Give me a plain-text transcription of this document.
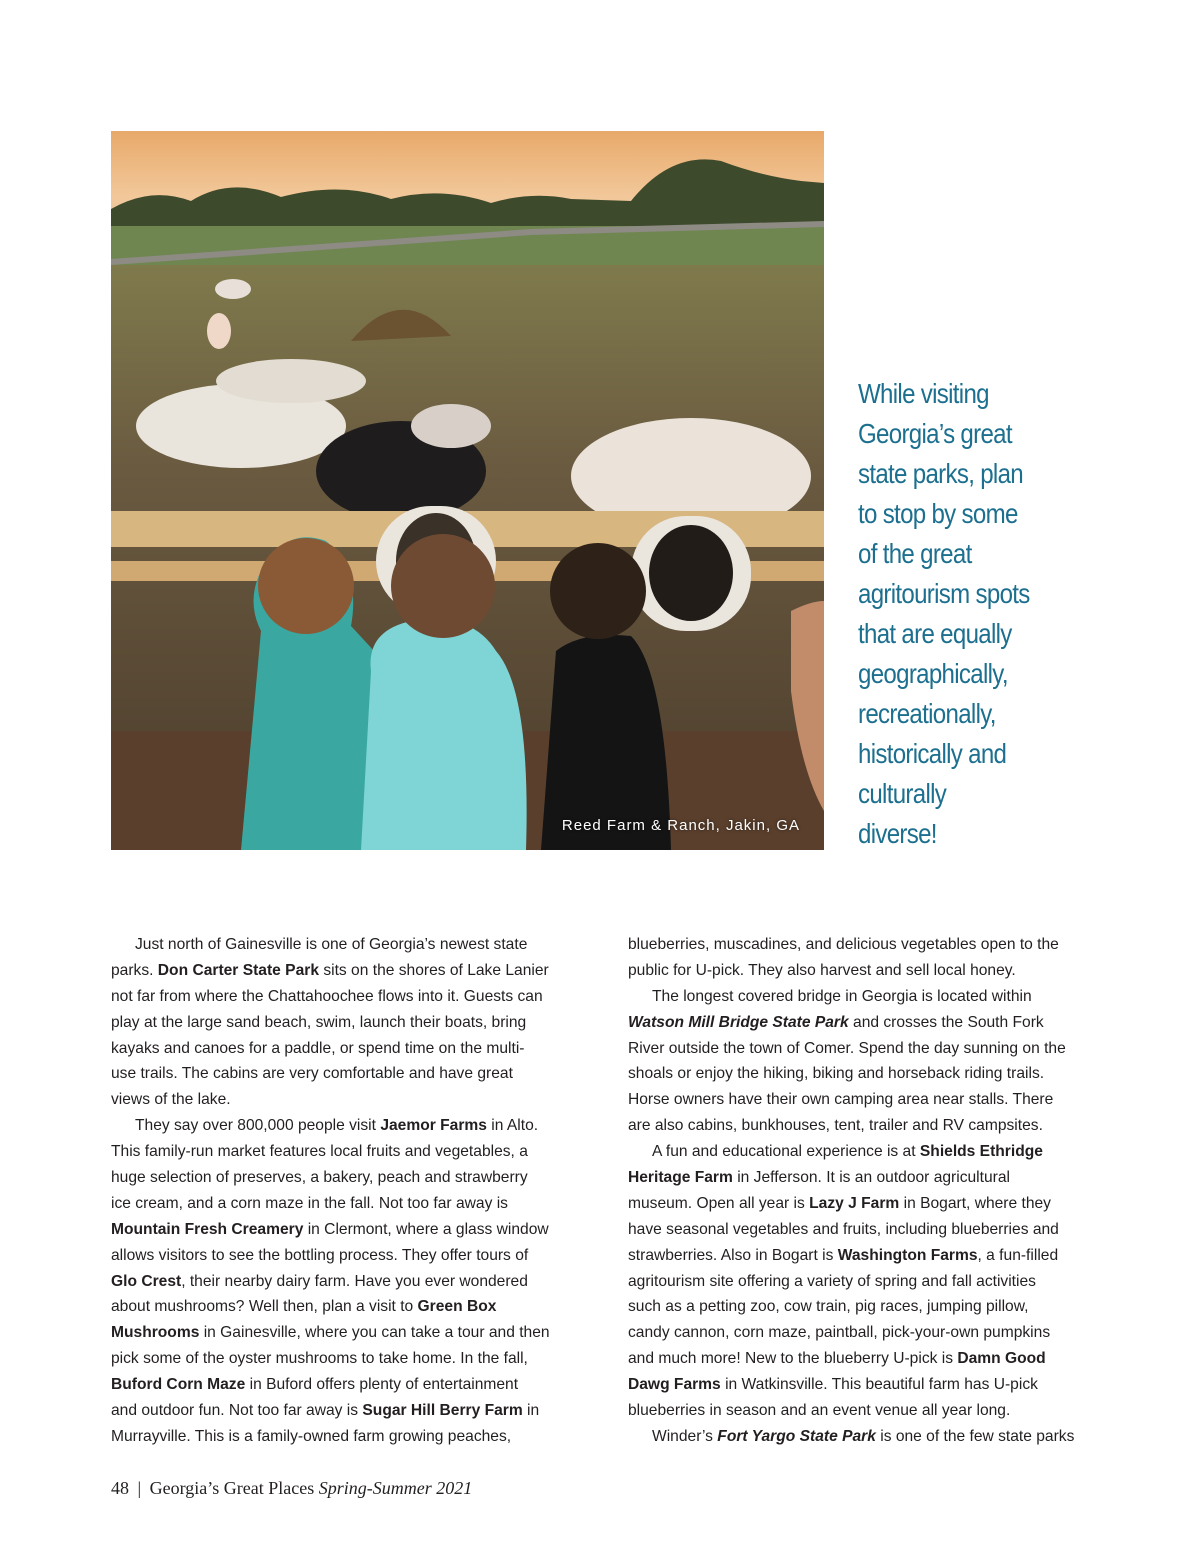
Reed Farm & Ranch, Jakin, GA
While visiting
Georgia’s great
state parks, plan
to stop by some
of the great
agritourism spots
that are equally
geographically,
recreationally,
historically and
culturally
diverse!
Just north of Gainesville is one of Georgia’s newest state
parks. Don Carter State Park sits on the shores of Lake Lanier
not far from where the Chattahoochee flows into it. Guests can
play at the large sand beach, swim, launch their boats, bring
kayaks and canoes for a paddle, or spend time on the multi-
use trails. The cabins are very comfortable and have great
views of the lake.
They say over 800,000 people visit Jaemor Farms in Alto.
This family-run market features local fruits and vegetables, a
huge selection of preserves, a bakery, peach and strawberry
ice cream, and a corn maze in the fall. Not too far away is
Mountain Fresh Creamery in Clermont, where a glass window
allows visitors to see the bottling process. They offer tours of
Glo Crest, their nearby dairy farm. Have you ever wondered
about mushrooms? Well then, plan a visit to Green Box
Mushrooms in Gainesville, where you can take a tour and then
pick some of the oyster mushrooms to take home. In the fall,
Buford Corn Maze in Buford offers plenty of entertainment
and outdoor fun. Not too far away is Sugar Hill Berry Farm in
Murrayville. This is a family-owned farm growing peaches,
blueberries, muscadines, and delicious vegetables open to the
public for U-pick. They also harvest and sell local honey.
The longest covered bridge in Georgia is located within
Watson Mill Bridge State Park and crosses the South Fork
River outside the town of Comer. Spend the day sunning on the
shoals or enjoy the hiking, biking and horseback riding trails.
Horse owners have their own camping area near stalls. There
are also cabins, bunkhouses, tent, trailer and RV campsites.
A fun and educational experience is at Shields Ethridge
Heritage Farm in Jefferson. It is an outdoor agricultural
museum. Open all year is Lazy J Farm in Bogart, where they
have seasonal vegetables and fruits, including blueberries and
strawberries. Also in Bogart is Washington Farms, a fun-filled
agritourism site offering a variety of spring and fall activities
such as a petting zoo, cow train, pig races, jumping pillow,
candy cannon, corn maze, paintball, pick-your-own pumpkins
and much more! New to the blueberry U-pick is Damn Good
Dawg Farms in Watkinsville. This beautiful farm has U-pick
blueberries in season and an event venue all year long.
Winder’s Fort Yargo State Park is one of the few state parks
48 | Georgia’s Great Places Spring-Summer 2021
